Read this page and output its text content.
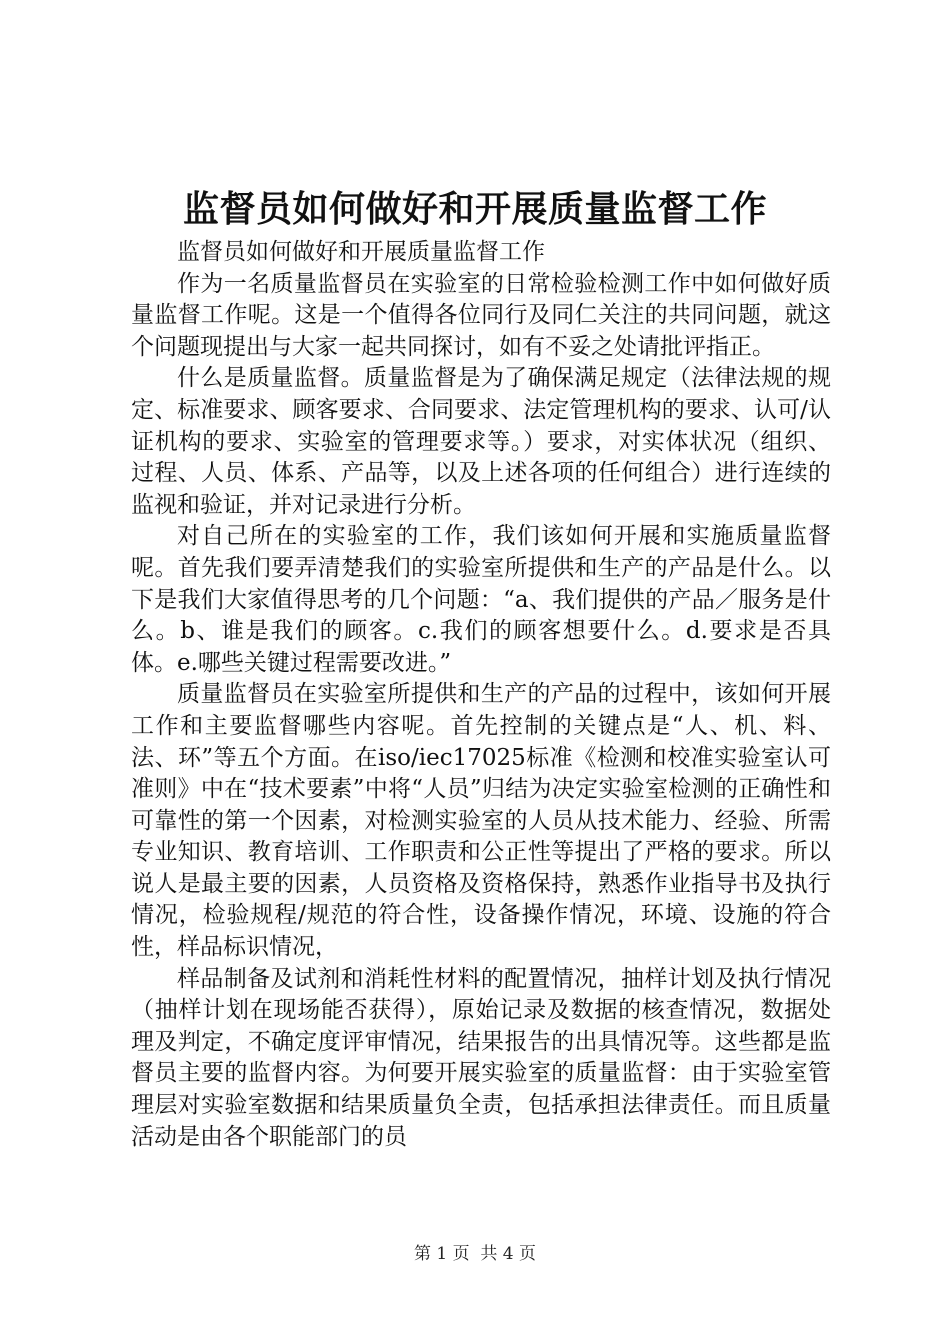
监督员如何做好和开展质量监督工作

监督员如何做好和开展质量监督工作

作为一名质量监督员在实验室的日常检验检测工作中如何做好质量监督工作呢。这是一个值得各位同行及同仁关注的共同问题，就这个问题现提出与大家一起共同探讨，如有不妥之处请批评指正。

什么是质量监督。质量监督是为了确保满足规定（法律法规的规定、标准要求、顾客要求、合同要求、法定管理机构的要求、认可/认证机构的要求、实验室的管理要求等。）要求，对实体状况（组织、过程、人员、体系、产品等，以及上述各项的任何组合）进行连续的监视和验证，并对记录进行分析。

对自己所在的实验室的工作，我们该如何开展和实施质量监督呢。首先我们要弄清楚我们的实验室所提供和生产的产品是什么。以下是我们大家值得思考的几个问题：“a、我们提供的产品／服务是什么。b、谁是我们的顾客。c.我们的顾客想要什么。d.要求是否具体。e.哪些关键过程需要改进。”

质量监督员在实验室所提供和生产的产品的过程中，该如何开展工作和主要监督哪些内容呢。首先控制的关键点是“人、机、料、法、环”等五个方面。在iso/iec17025标准《检测和校准实验室认可准则》中在“技术要素”中将“人员”归结为决定实验室检测的正确性和可靠性的第一个因素，对检测实验室的人员从技术能力、经验、所需专业知识、教育培训、工作职责和公正性等提出了严格的要求。所以说人是最主要的因素，人员资格及资格保持，熟悉作业指导书及执行情况，检验规程/规范的符合性，设备操作情况，环境、设施的符合性，样品标识情况，

样品制备及试剂和消耗性材料的配置情况，抽样计划及执行情况（抽样计划在现场能否获得），原始记录及数据的核查情况，数据处理及判定，不确定度评审情况，结果报告的出具情况等。这些都是监督员主要的监督内容。为何要开展实验室的质量监督：由于实验室管理层对实验室数据和结果质量负全责，包括承担法律责任。而且质量活动是由各个职能部门的员

第 1 页  共 4 页
